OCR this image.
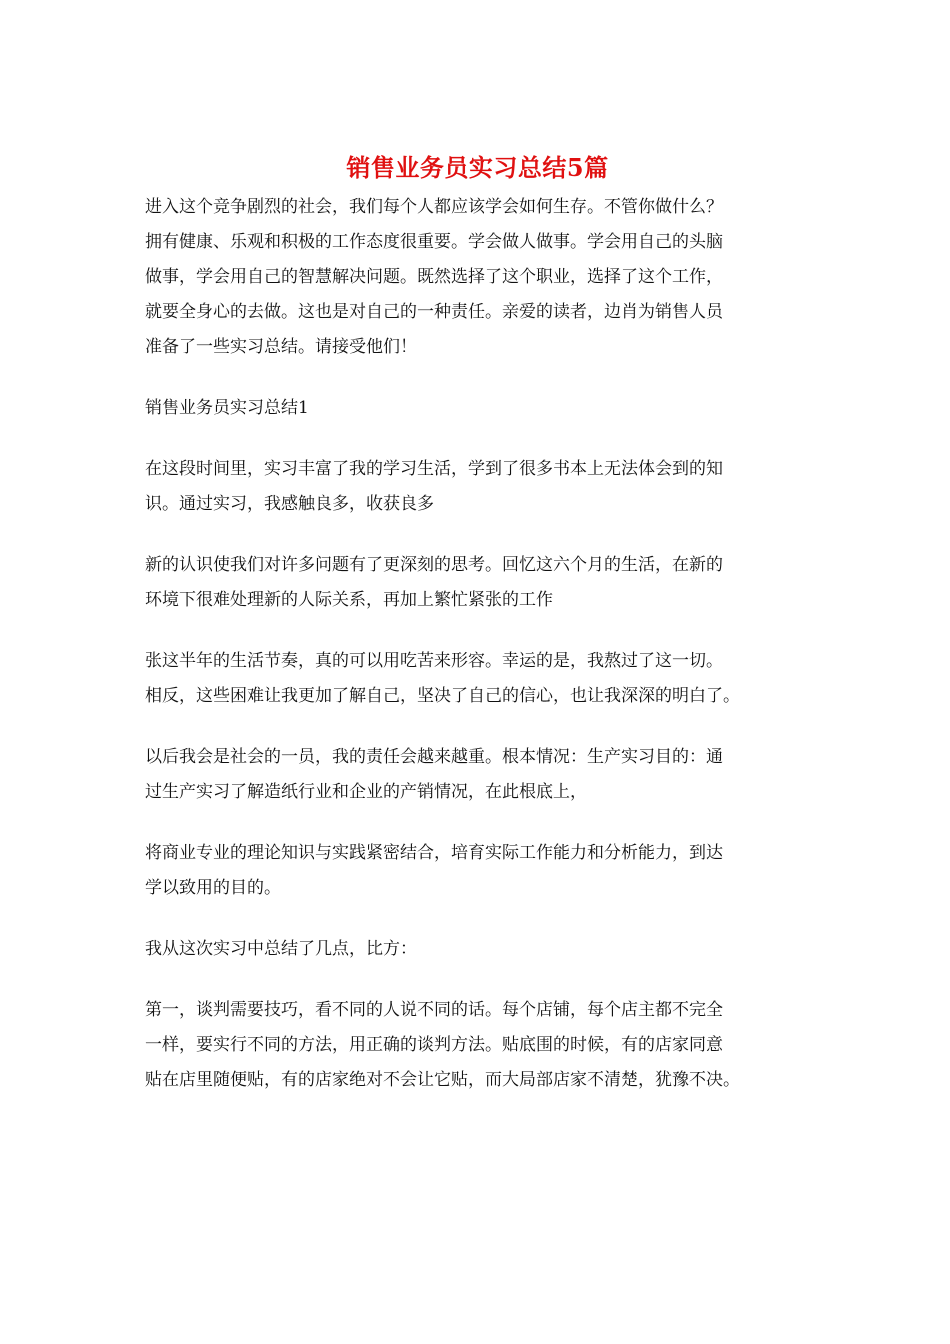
销售业务员实习总结5篇
进入这个竞争剧烈的社会，我们每个人都应该学会如何生存。不管你做什么？
拥有健康、乐观和积极的工作态度很重要。学会做人做事。学会用自己的头脑
做事，学会用自己的智慧解决问题。既然选择了这个职业，选择了这个工作，
就要全身心的去做。这也是对自己的一种责任。亲爱的读者，边肖为销售人员
准备了一些实习总结。请接受他们！
销售业务员实习总结1
在这段时间里，实习丰富了我的学习生活，学到了很多书本上无法体会到的知
识。通过实习，我感触良多，收获良多
新的认识使我们对许多问题有了更深刻的思考。回忆这六个月的生活，在新的
环境下很难处理新的人际关系，再加上繁忙紧张的工作
张这半年的生活节奏，真的可以用吃苦来形容。幸运的是，我熬过了这一切。
相反，这些困难让我更加了解自己，坚决了自己的信心，也让我深深的明白了。
以后我会是社会的一员，我的责任会越来越重。根本情况：生产实习目的：通
过生产实习了解造纸行业和企业的产销情况，在此根底上，
将商业专业的理论知识与实践紧密结合，培育实际工作能力和分析能力，到达
学以致用的目的。
我从这次实习中总结了几点，比方：
第一，谈判需要技巧，看不同的人说不同的话。每个店铺，每个店主都不完全
一样，要实行不同的方法，用正确的谈判方法。贴底围的时候，有的店家同意
贴在店里随便贴，有的店家绝对不会让它贴，而大局部店家不清楚，犹豫不决。
